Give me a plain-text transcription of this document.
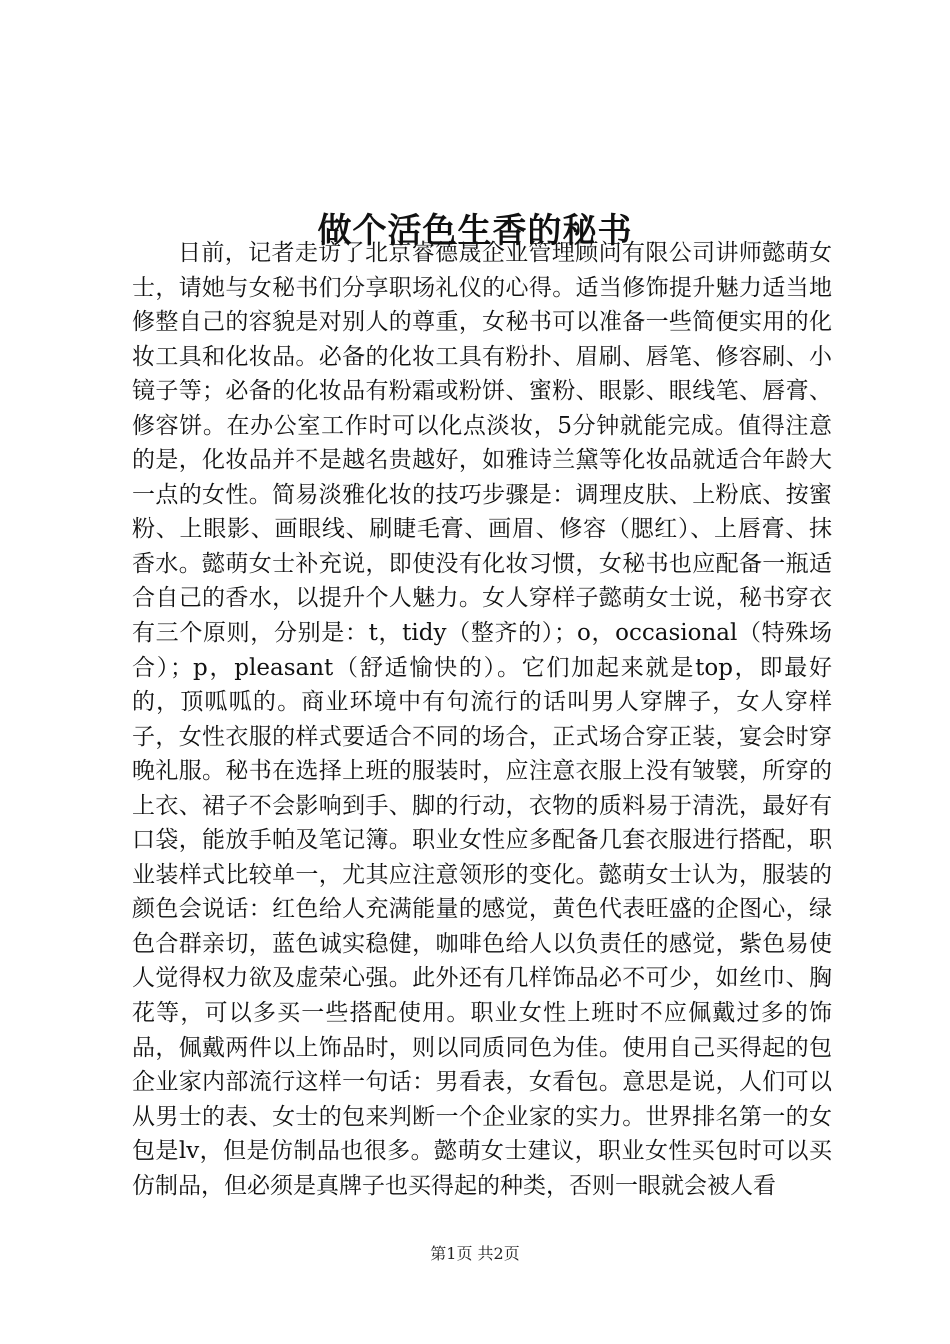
做个活色生香的秘书

日前，记者走访了北京睿德晟企业管理顾问有限公司讲师懿萌女士，请她与女秘书们分享职场礼仪的心得。适当修饰提升魅力适当地修整自己的容貌是对别人的尊重，女秘书可以准备一些简便实用的化妆工具和化妆品。必备的化妆工具有粉扑、眉刷、唇笔、修容刷、小镜子等；必备的化妆品有粉霜或粉饼、蜜粉、眼影、眼线笔、唇膏、修容饼。在办公室工作时可以化点淡妆，5分钟就能完成。值得注意的是，化妆品并不是越名贵越好，如雅诗兰黛等化妆品就适合年龄大一点的女性。简易淡雅化妆的技巧步骤是：调理皮肤、上粉底、按蜜粉、上眼影、画眼线、刷睫毛膏、画眉、修容（腮红）、上唇膏、抹香水。懿萌女士补充说，即使没有化妆习惯，女秘书也应配备一瓶适合自己的香水，以提升个人魅力。女人穿样子懿萌女士说，秘书穿衣有三个原则，分别是：t，tidy（整齐的）；o，occasional（特殊场合）；p，pleasant（舒适愉快的）。它们加起来就是top，即最好的，顶呱呱的。商业环境中有句流行的话叫男人穿牌子，女人穿样子，女性衣服的样式要适合不同的场合，正式场合穿正装，宴会时穿晚礼服。秘书在选择上班的服装时，应注意衣服上没有皱襞，所穿的上衣、裙子不会影响到手、脚的行动，衣物的质料易于清洗，最好有口袋，能放手帕及笔记簿。职业女性应多配备几套衣服进行搭配，职业装样式比较单一，尤其应注意领形的变化。懿萌女士认为，服装的颜色会说话：红色给人充满能量的感觉，黄色代表旺盛的企图心，绿色合群亲切，蓝色诚实稳健，咖啡色给人以负责任的感觉，紫色易使人觉得权力欲及虚荣心强。此外还有几样饰品必不可少，如丝巾、胸花等，可以多买一些搭配使用。职业女性上班时不应佩戴过多的饰品，佩戴两件以上饰品时，则以同质同色为佳。使用自己买得起的包企业家内部流行这样一句话：男看表，女看包。意思是说，人们可以从男士的表、女士的包来判断一个企业家的实力。世界排名第一的女包是lv，但是仿制品也很多。懿萌女士建议，职业女性买包时可以买仿制品，但必须是真牌子也买得起的种类，否则一眼就会被人看

第1页 共2页
